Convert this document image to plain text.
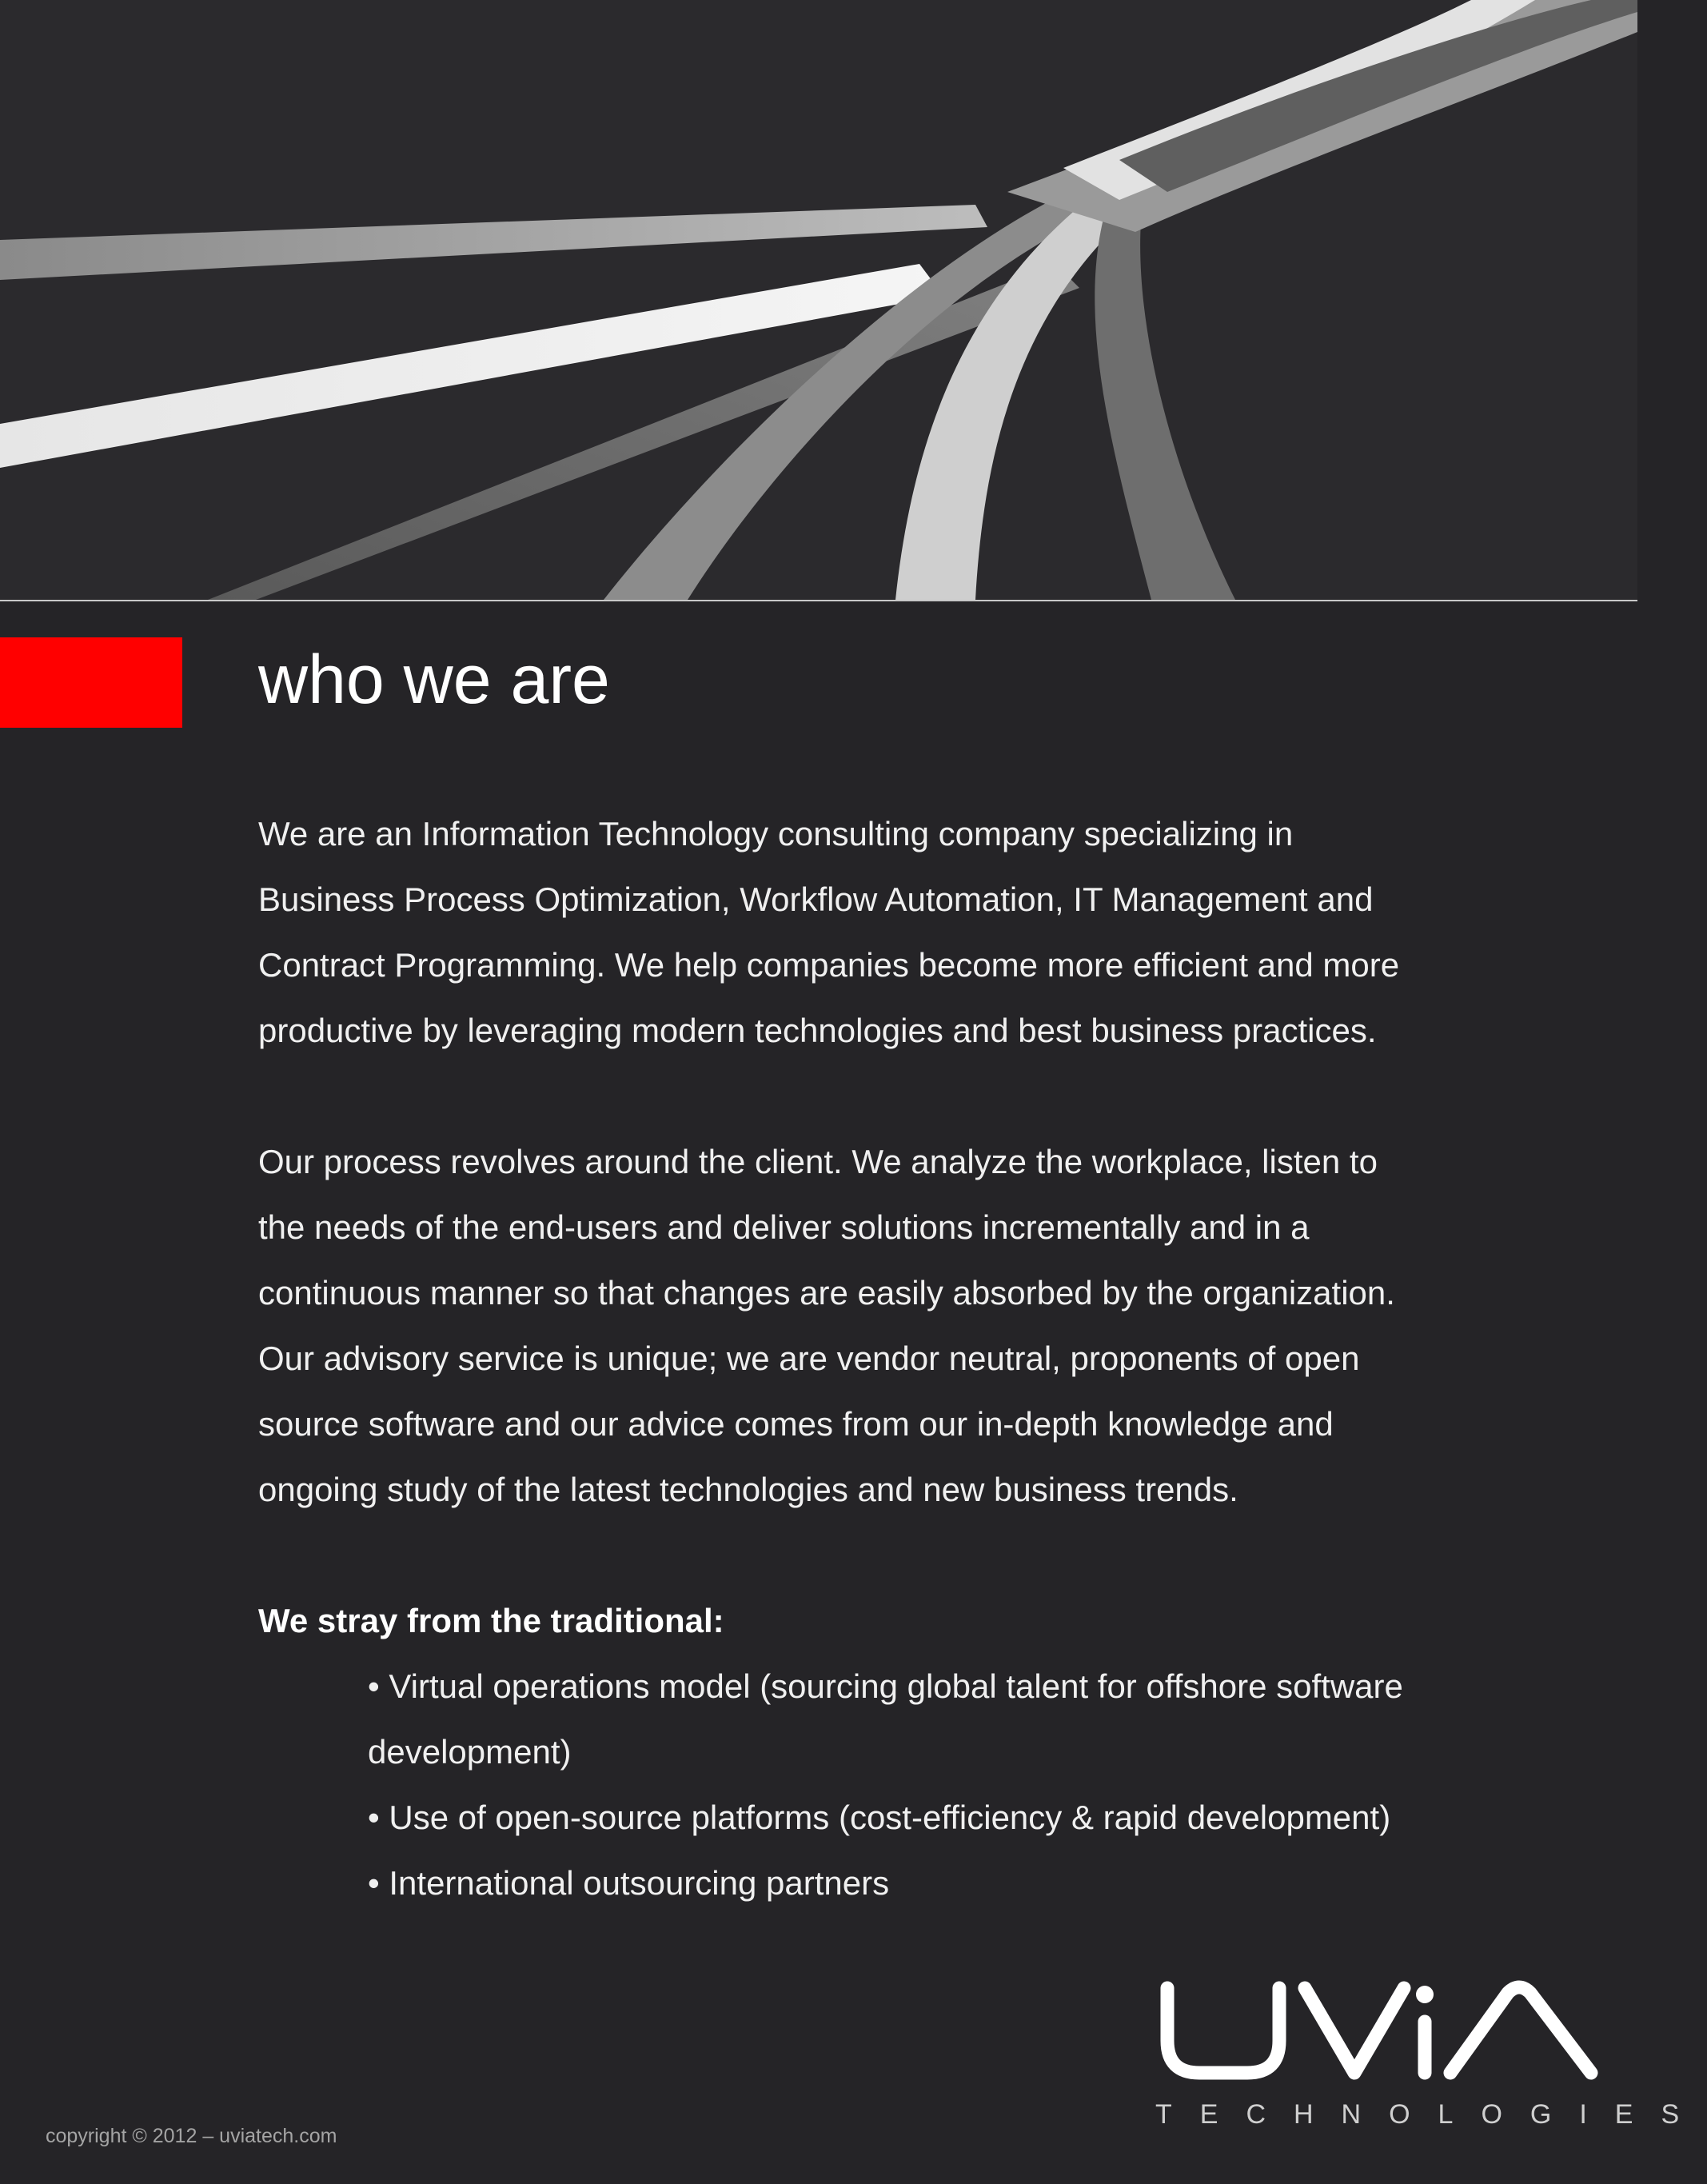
who we are

We are an Information Technology consulting company specializing in
Business Process Optimization, Workflow Automation, IT Management and
Contract Programming. We help companies become more efficient and more
productive by leveraging modern technologies and best business practices.

Our process revolves around the client. We analyze the workplace, listen to
the needs of the end-users and deliver solutions incrementally and in a
continuous manner so that changes are easily absorbed by the organization.
Our advisory service is unique; we are vendor neutral, proponents of open
source software and our advice comes from our in-depth knowledge and
ongoing study of the latest technologies and new business trends.

We stray from the traditional:

• Virtual operations model (sourcing global talent for offshore software development)
• Use of open-source platforms (cost-efficiency & rapid development)
• International outsourcing partners
copyright © 2012 – uviatech.com
TECHNOLOGIES
